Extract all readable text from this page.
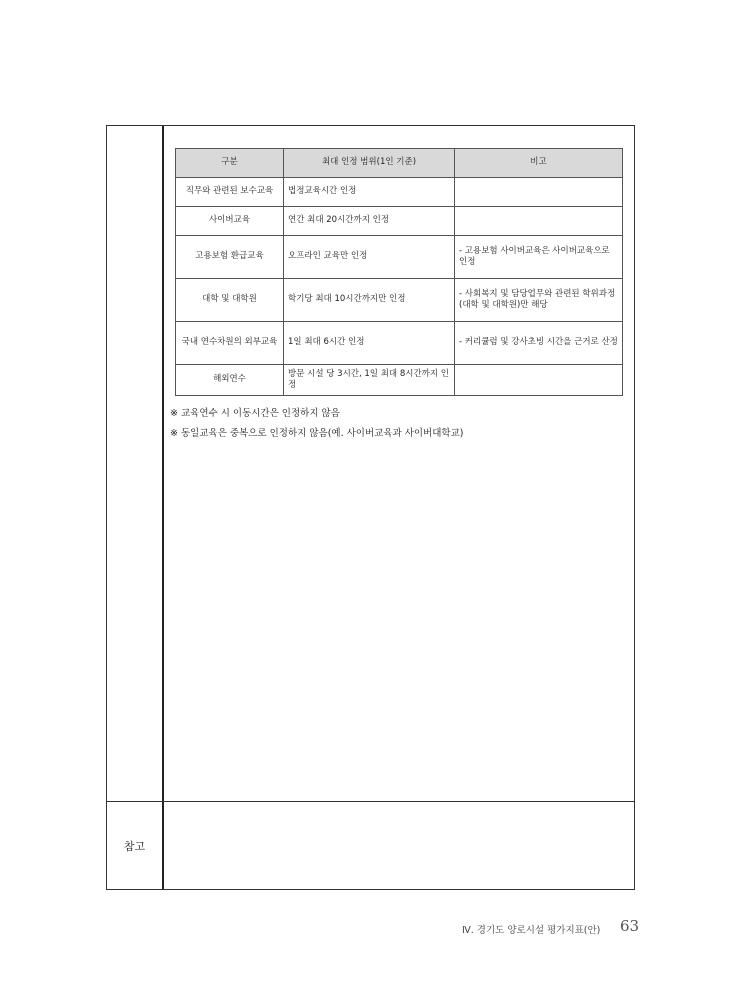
참고
구분	최대 인정 범위(1인 기준)	비고
직무와 관련된 보수교육	법정교육시간 인정	
사이버교육	연간 최대 20시간까지 인정	
고용보험 환급교육	오프라인 교육만 인정	- 고용보험 사이버교육은 사이버교육으로 인정
대학 및 대학원	학기당 최대 10시간까지만 인정	- 사회복지 및 담당업무와 관련된 학위과정(대학 및 대학원)만 해당
국내 연수차원의 외부교육	1일 최대 6시간 인정	- 커리큘럼 및 강사초빙 시간을 근거로 산정
해외연수	방문 시설 당 3시간, 1일 최대 8시간까지 인정	
※ 교육연수 시 이동시간은 인정하지 않음
※ 동일교육은 중복으로 인정하지 않음(예. 사이버교육과 사이버대학교)
Ⅳ. 경기도 양로시설 평가지표(안) 63
